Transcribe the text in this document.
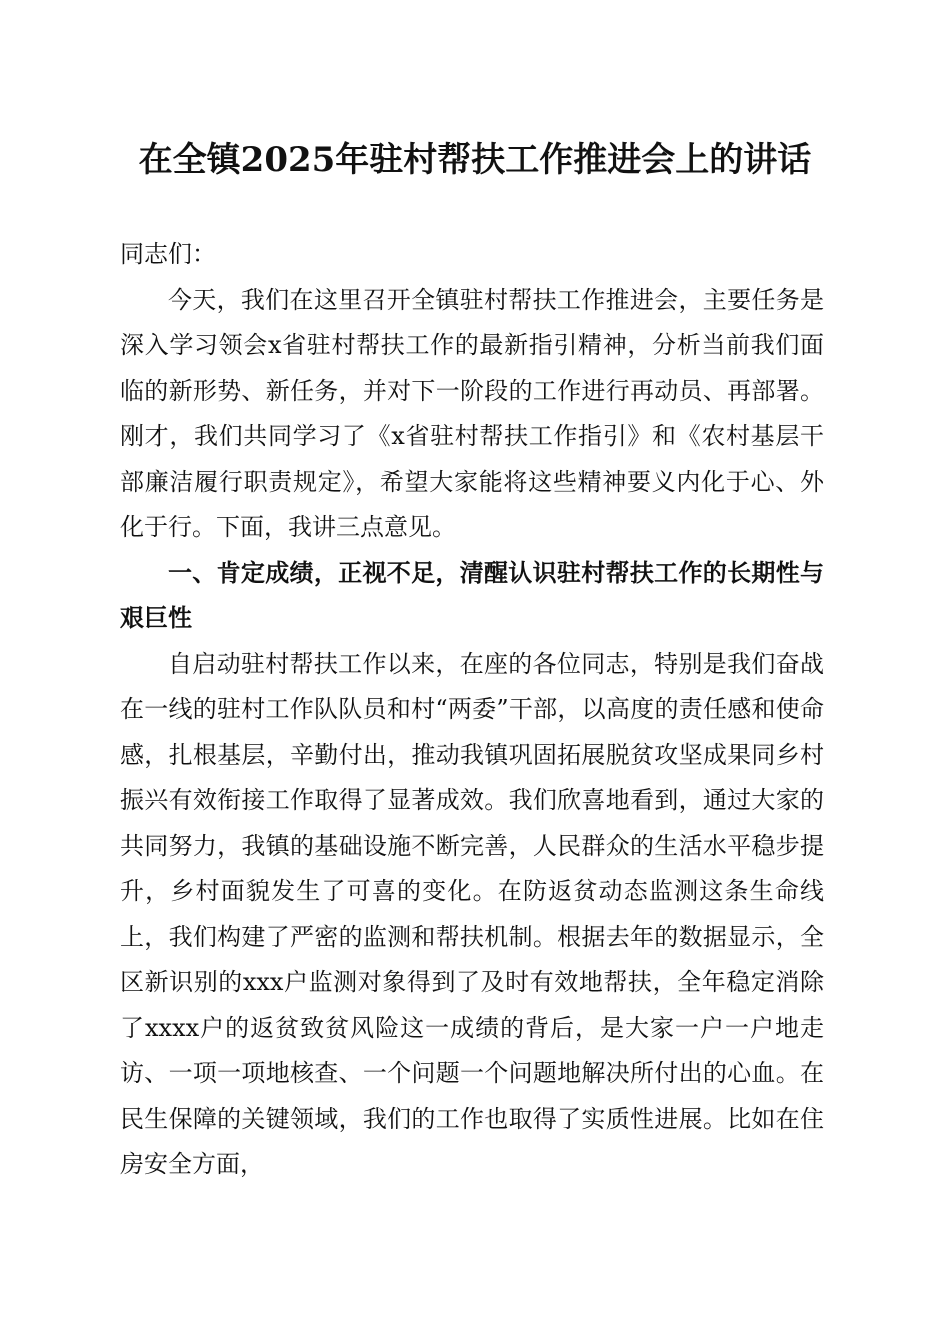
在全镇2025年驻村帮扶工作推进会上的讲话

同志们：

今天，我们在这里召开全镇驻村帮扶工作推进会，主要任务是深入学习领会x省驻村帮扶工作的最新指引精神，分析当前我们面临的新形势、新任务，并对下一阶段的工作进行再动员、再部署。刚才，我们共同学习了《x省驻村帮扶工作指引》和《农村基层干部廉洁履行职责规定》，希望大家能将这些精神要义内化于心、外化于行。下面，我讲三点意见。

一、肯定成绩，正视不足，清醒认识驻村帮扶工作的长期性与艰巨性

自启动驻村帮扶工作以来，在座的各位同志，特别是我们奋战在一线的驻村工作队队员和村“两委”干部，以高度的责任感和使命感，扎根基层，辛勤付出，推动我镇巩固拓展脱贫攻坚成果同乡村振兴有效衔接工作取得了显著成效。我们欣喜地看到，通过大家的共同努力，我镇的基础设施不断完善，人民群众的生活水平稳步提升，乡村面貌发生了可喜的变化。在防返贫动态监测这条生命线上，我们构建了严密的监测和帮扶机制。根据去年的数据显示，全区新识别的xxx户监测对象得到了及时有效地帮扶，全年稳定消除了xxxx户的返贫致贫风险这一成绩的背后，是大家一户一户地走访、一项一项地核查、一个问题一个问题地解决所付出的心血。在民生保障的关键领域，我们的工作也取得了实质性进展。比如在住房安全方面，
